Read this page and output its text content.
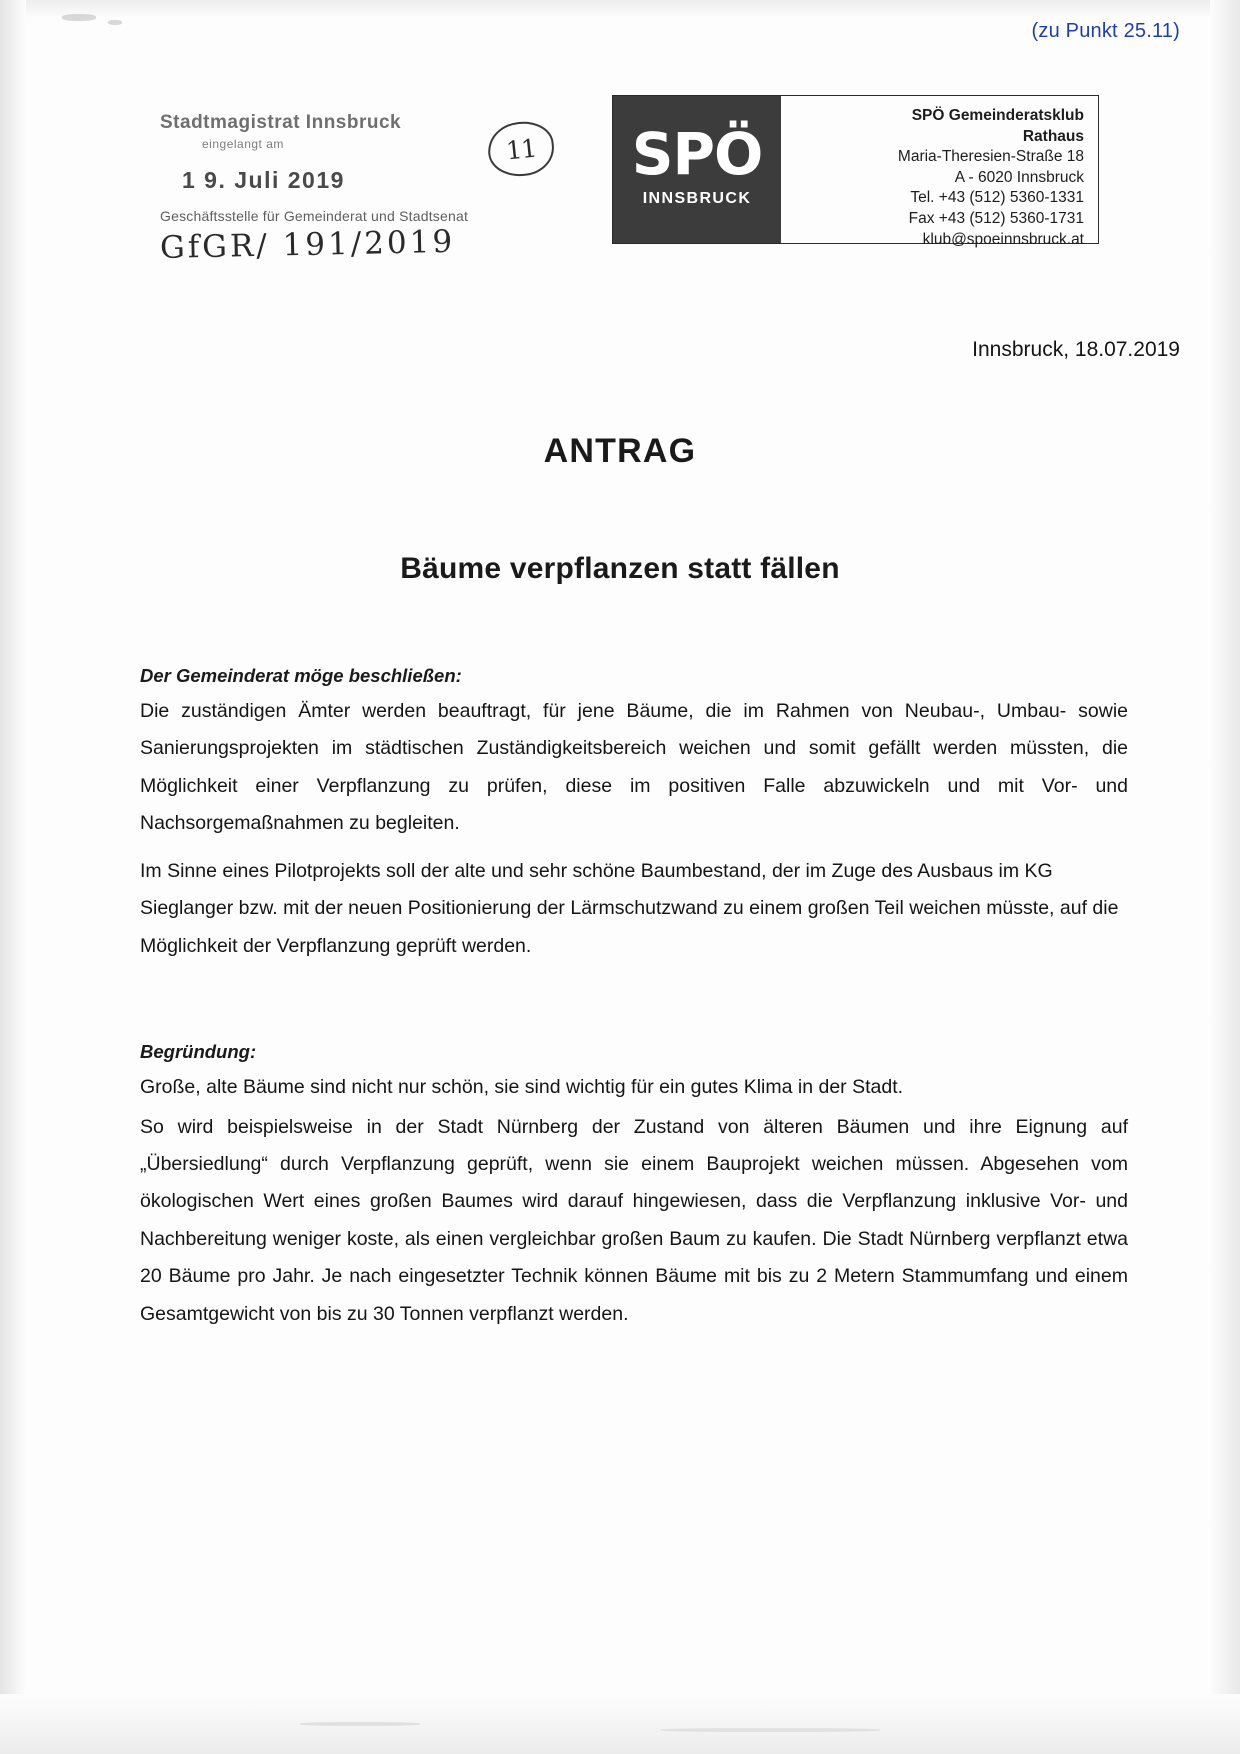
(zu Punkt 25.11)
Stadtmagistrat Innsbruck
eingelangt am
1 9. Juli 2019
Geschäftsstelle für Gemeinderat und Stadtsenat
GfGR/ 191/2019
11	SPÖ
INNSBRUCK
SPÖ Gemeinderatsklub
Rathaus
Maria-Theresien-Straße 18
A - 6020 Innsbruck
Tel. +43 (512) 5360-1331
Fax +43 (512) 5360-1731
klub@spoeinnsbruck.at
Innsbruck, 18.07.2019
ANTRAG
Bäume verpflanzen statt fällen
Der Gemeinderat möge beschließen:

Die zuständigen Ämter werden beauftragt, für jene Bäume, die im Rahmen von Neubau-, Umbau- sowie Sanierungsprojekten im städtischen Zuständigkeitsbereich weichen und somit gefällt werden müssten, die Möglichkeit einer Verpflanzung zu prüfen, diese im positiven Falle abzuwickeln und mit Vor- und Nachsorgemaßnahmen zu begleiten.

Im Sinne eines Pilotprojekts soll der alte und sehr schöne Baumbestand, der im Zuge des Ausbaus im KG Sieglanger bzw. mit der neuen Positionierung der Lärmschutzwand zu einem großen Teil weichen müsste, auf die Möglichkeit der Verpflanzung geprüft werden.

Begründung:

Große, alte Bäume sind nicht nur schön, sie sind wichtig für ein gutes Klima in der Stadt.

So wird beispielsweise in der Stadt Nürnberg der Zustand von älteren Bäumen und ihre Eignung auf „Übersiedlung“ durch Verpflanzung geprüft, wenn sie einem Bauprojekt weichen müssen. Abgesehen vom ökologischen Wert eines großen Baumes wird darauf hingewiesen, dass die Verpflanzung inklusive Vor- und Nachbereitung weniger koste, als einen vergleichbar großen Baum zu kaufen. Die Stadt Nürnberg verpflanzt etwa 20 Bäume pro Jahr. Je nach eingesetzter Technik können Bäume mit bis zu 2 Metern Stammumfang und einem Gesamtgewicht von bis zu 30 Tonnen verpflanzt werden.
